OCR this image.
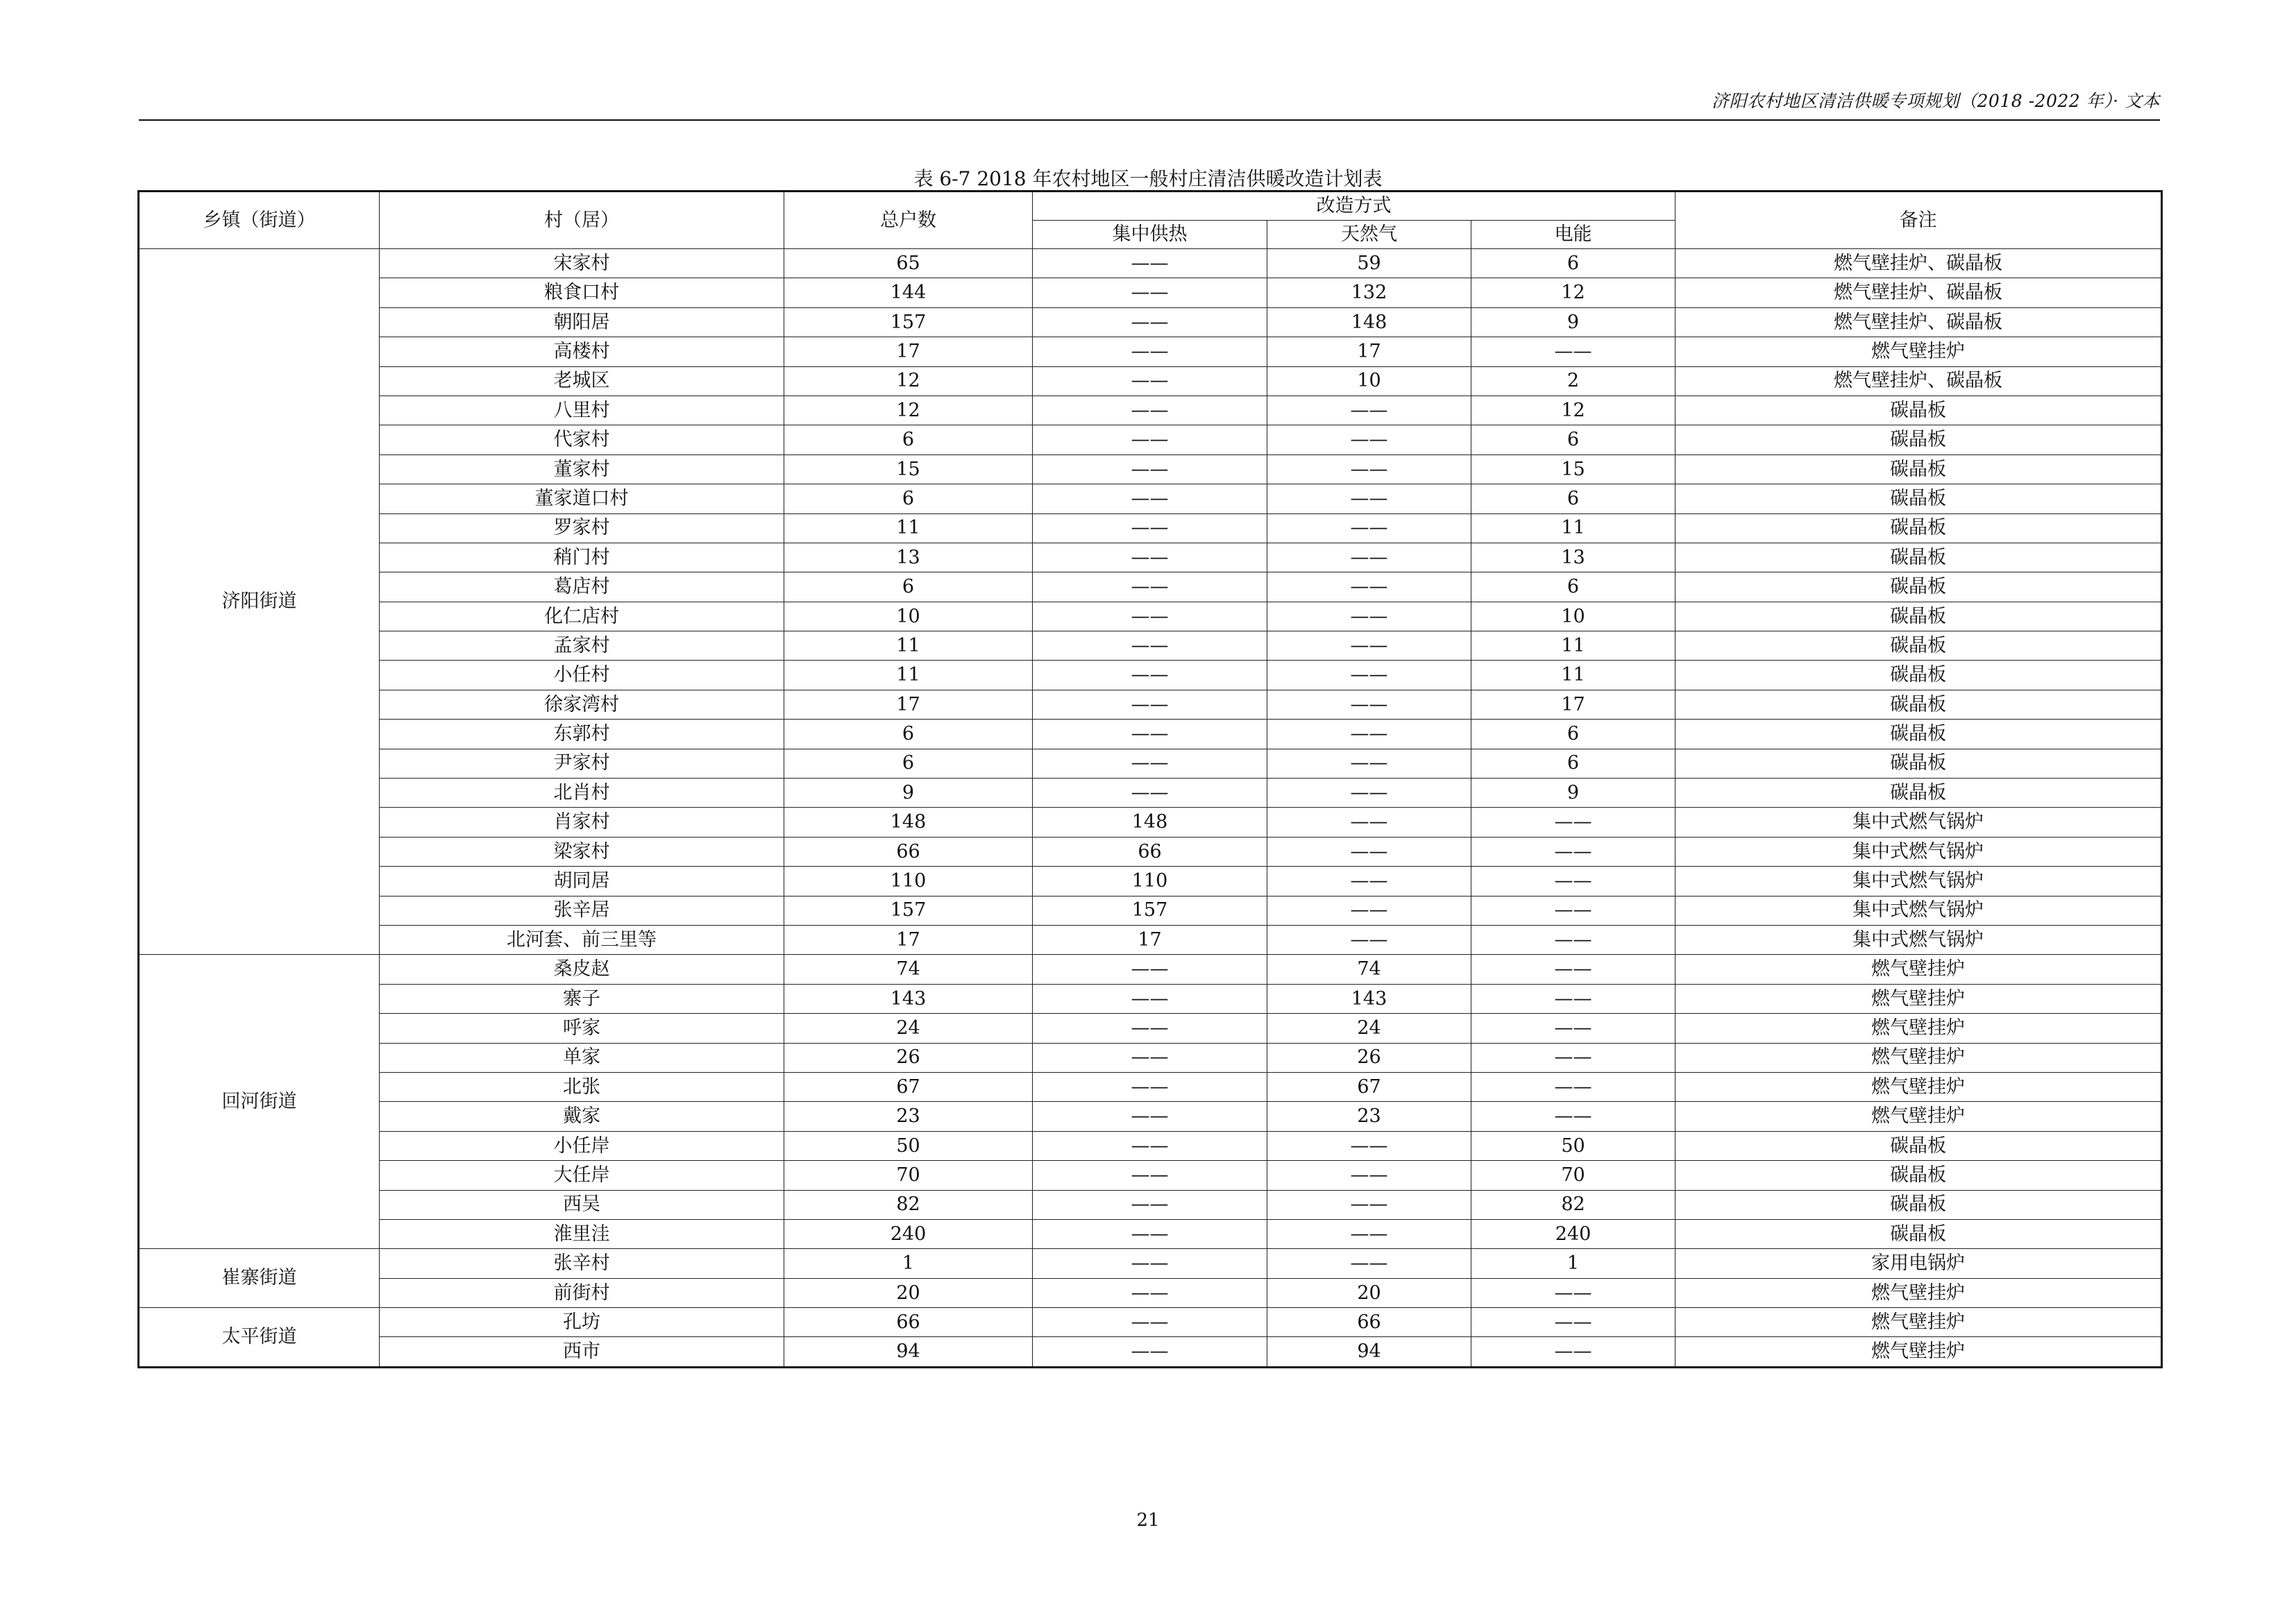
济阳农村地区清洁供暖专项规划（2018 -2022 年）· 文本
表 6-7 2018 年农村地区一般村庄清洁供暖改造计划表
乡镇（街道）	村（居）	总户数	改造方式			备注
			集中供热	天然气	电能	
济阳街道	宋家村	65	——	59	6	燃气壁挂炉、碳晶板
	粮食口村	144	——	132	12	燃气壁挂炉、碳晶板
	朝阳居	157	——	148	9	燃气壁挂炉、碳晶板
	高楼村	17	——	17	——	燃气壁挂炉
	老城区	12	——	10	2	燃气壁挂炉、碳晶板
	八里村	12	——	——	12	碳晶板
	代家村	6	——	——	6	碳晶板
	董家村	15	——	——	15	碳晶板
	董家道口村	6	——	——	6	碳晶板
	罗家村	11	——	——	11	碳晶板
	稍门村	13	——	——	13	碳晶板
	葛店村	6	——	——	6	碳晶板
	化仁店村	10	——	——	10	碳晶板
	孟家村	11	——	——	11	碳晶板
	小任村	11	——	——	11	碳晶板
	徐家湾村	17	——	——	17	碳晶板
	东郭村	6	——	——	6	碳晶板
	尹家村	6	——	——	6	碳晶板
	北肖村	9	——	——	9	碳晶板
	肖家村	148	148	——	——	集中式燃气锅炉
	梁家村	66	66	——	——	集中式燃气锅炉
	胡同居	110	110	——	——	集中式燃气锅炉
	张辛居	157	157	——	——	集中式燃气锅炉
	北河套、前三里等	17	17	——	——	集中式燃气锅炉
回河街道	桑皮赵	74	——	74	——	燃气壁挂炉
	寨子	143	——	143	——	燃气壁挂炉
	呼家	24	——	24	——	燃气壁挂炉
	单家	26	——	26	——	燃气壁挂炉
	北张	67	——	67	——	燃气壁挂炉
	戴家	23	——	23	——	燃气壁挂炉
	小任岸	50	——	——	50	碳晶板
	大任岸	70	——	——	70	碳晶板
	西吴	82	——	——	82	碳晶板
	淮里洼	240	——	——	240	碳晶板
崔寨街道	张辛村	1	——	——	1	家用电锅炉
	前街村	20	——	20	——	燃气壁挂炉
太平街道	孔坊	66	——	66	——	燃气壁挂炉
	西市	94	——	94	——	燃气壁挂炉
21
